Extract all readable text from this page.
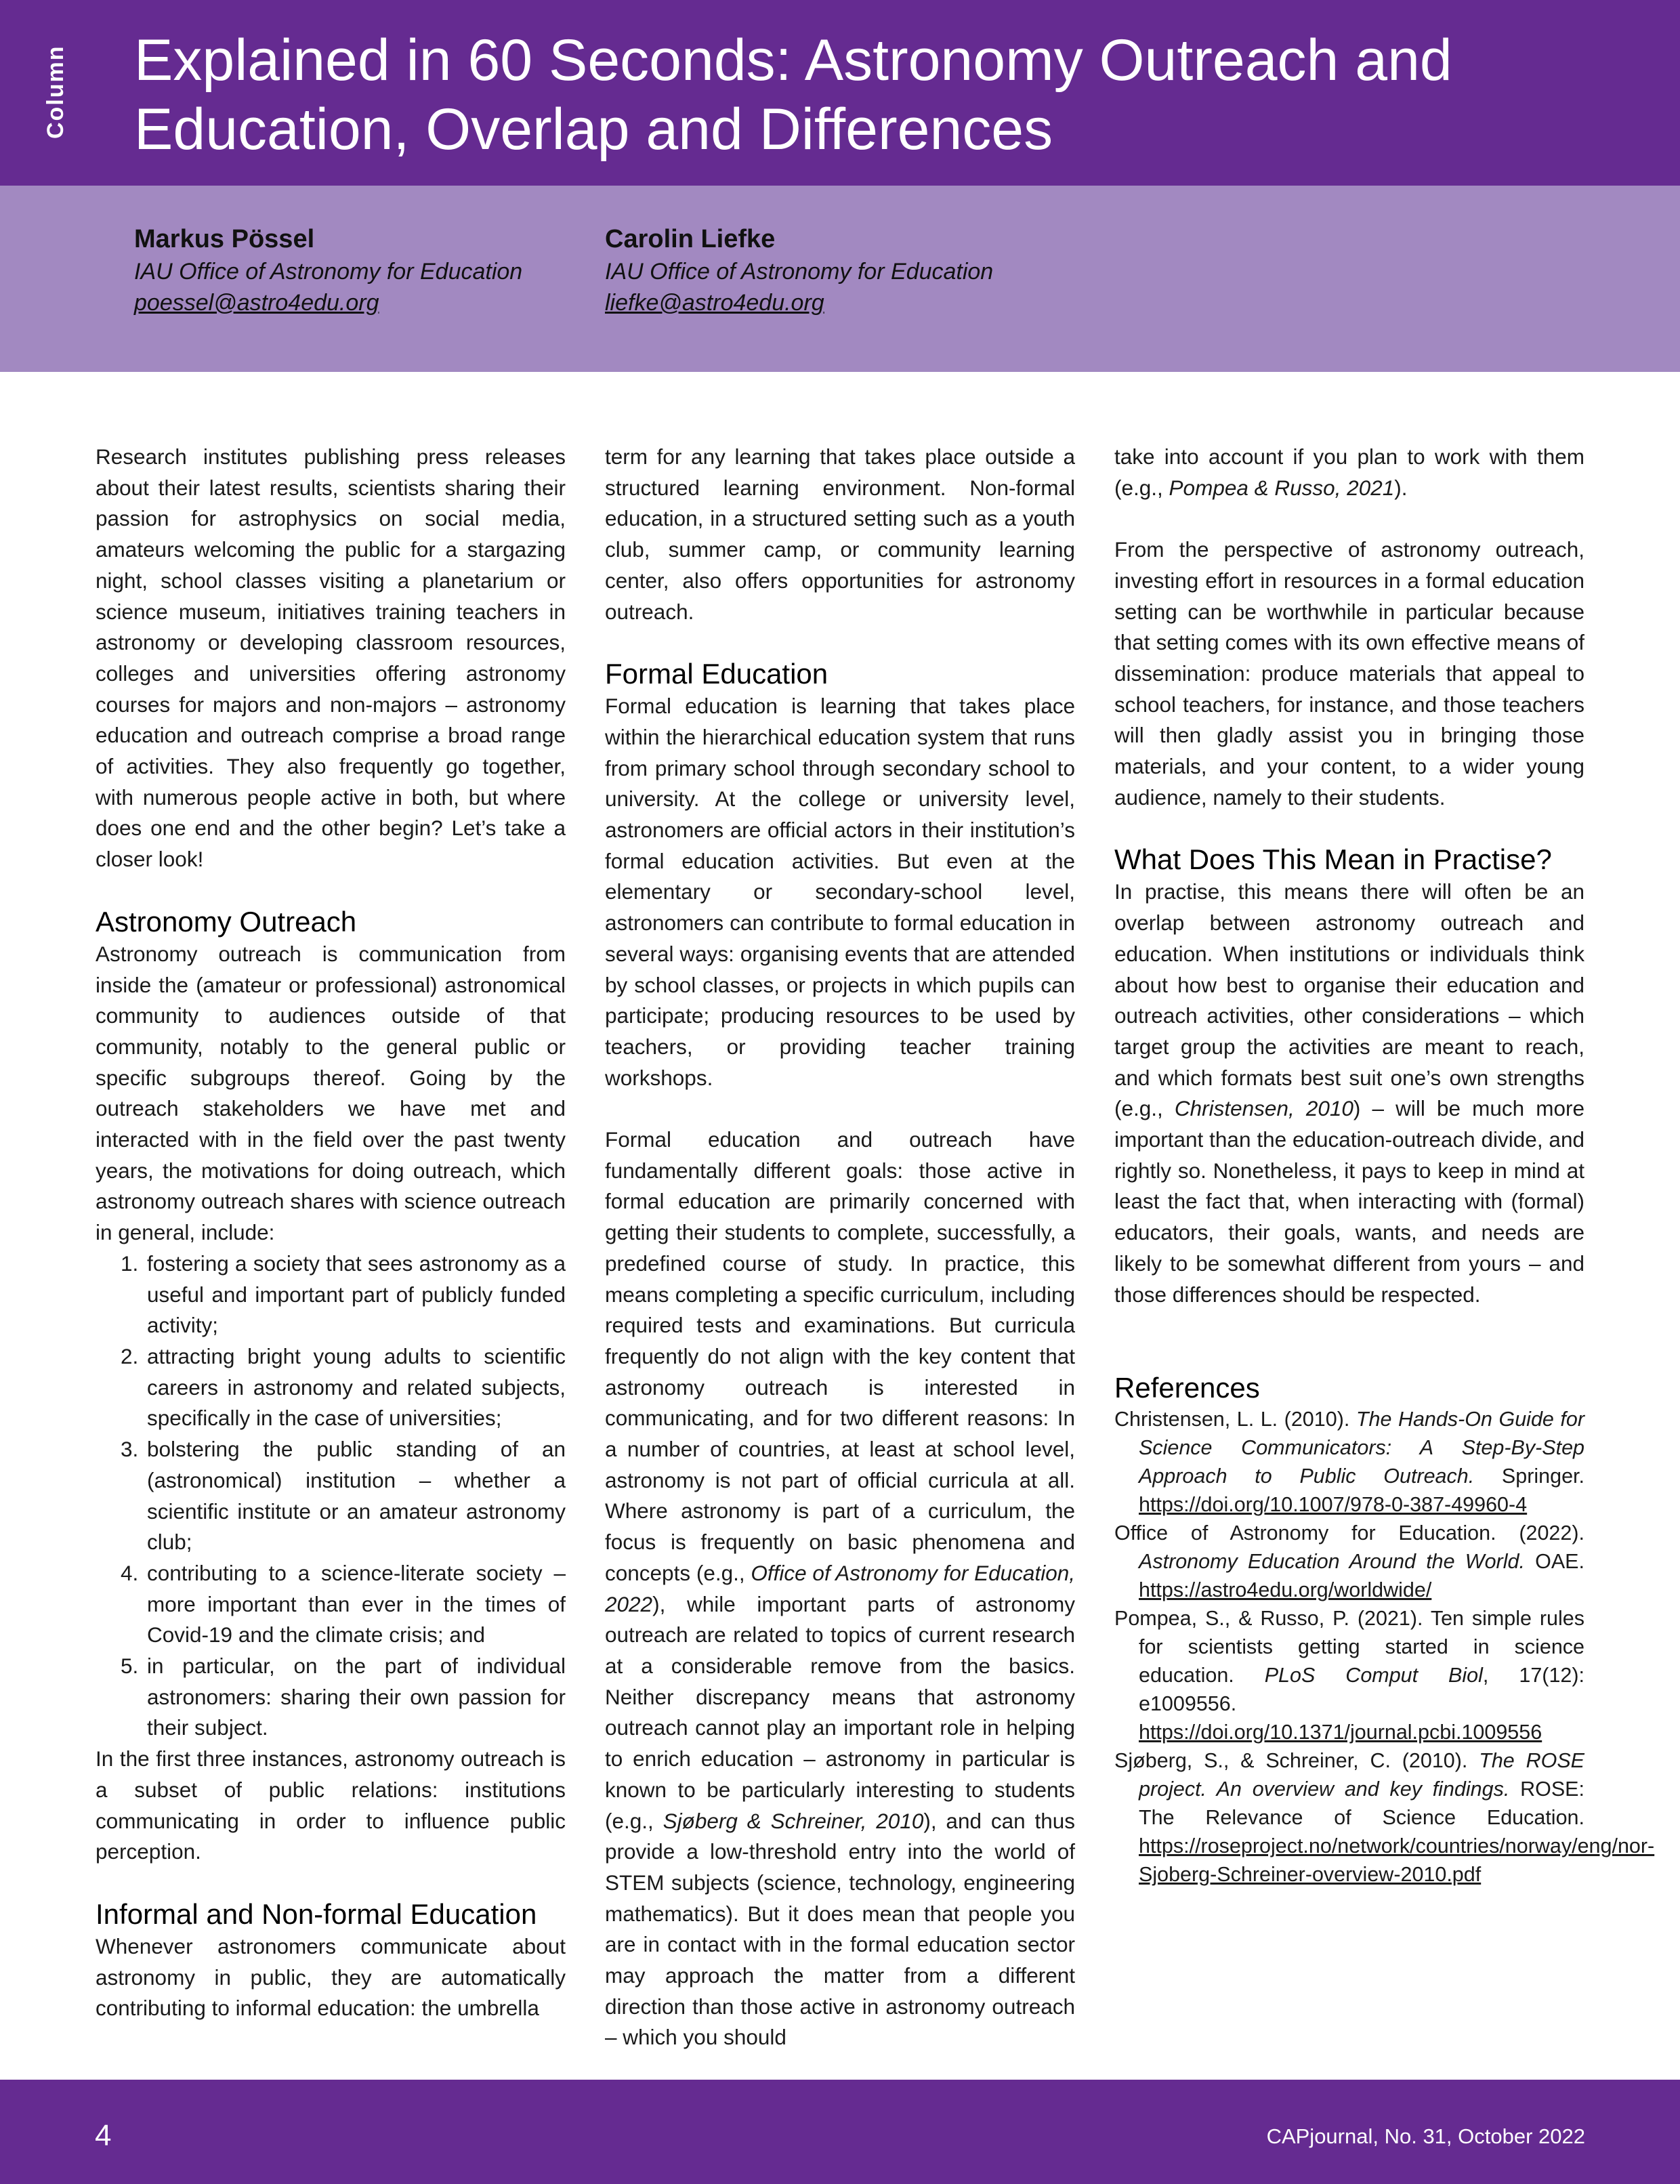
Column Explained in 60 Seconds: Astronomy Outreach and Education, Overlap and Differences
Markus Pössel
IAU Office of Astronomy for Education
poessel@astro4edu.org
Carolin Liefke
IAU Office of Astronomy for Education
liefke@astro4edu.org

Research institutes publishing press releases about their latest results, scientists sharing their passion for astrophysics on social media, amateurs welcoming the public for a stargazing night, school classes visiting a planetarium or science museum, initiatives training teachers in astronomy or developing classroom resources, colleges and universities offering astronomy courses for majors and non-majors – astronomy education and outreach comprise a broad range of activities. They also frequently go together, with numerous people active in both, but where does one end and the other begin? Let’s take a closer look!

Astronomy Outreach

Astronomy outreach is communication from inside the (amateur or professional) astronomical community to audiences outside of that community, notably to the general public or specific subgroups thereof. Going by the outreach stakeholders we have met and interacted with in the field over the past twenty years, the motivations for doing outreach, which astronomy outreach shares with science outreach in general, include:

1. fostering a society that sees astronomy as a useful and important part of publicly funded activity;
2. attracting bright young adults to scientific careers in astronomy and related subjects, specifically in the case of universities;
3. bolstering the public standing of an (astronomical) institution – whether a scientific institute or an amateur astronomy club;
4. contributing to a science-literate society – more important than ever in the times of Covid-19 and the climate crisis; and
5. in particular, on the part of individual astronomers: sharing their own passion for their subject.

In the first three instances, astronomy outreach is a subset of public relations: institutions communicating in order to influence public perception.

Informal and Non-formal Education

Whenever astronomers communicate about astronomy in public, they are automatically contributing to informal education: the umbrella

term for any learning that takes place outside a structured learning environment. Non-formal education, in a structured setting such as a youth club, summer camp, or community learning center, also offers opportunities for astronomy outreach.

Formal Education

Formal education is learning that takes place within the hierarchical education system that runs from primary school through secondary school to university. At the college or university level, astronomers are official actors in their institution’s formal education activities. But even at the elementary or secondary-school level, astronomers can contribute to formal education in several ways: organising events that are attended by school classes, or projects in which pupils can participate; producing resources to be used by teachers, or providing teacher training workshops.

Formal education and outreach have fundamentally different goals: those active in formal education are primarily concerned with getting their students to complete, successfully, a predefined course of study. In practice, this means completing a specific curriculum, including required tests and examinations. But curricula frequently do not align with the key content that astronomy outreach is interested in communicating, and for two different reasons: In a number of countries, at least at school level, astronomy is not part of official curricula at all. Where astronomy is part of a curriculum, the focus is frequently on basic phenomena and concepts (e.g., Office of Astronomy for Education, 2022), while important parts of astronomy outreach are related to topics of current research at a considerable remove from the basics. Neither discrepancy means that astronomy outreach cannot play an important role in helping to enrich education – astronomy in particular is known to be particularly interesting to students (e.g., Sjøberg & Schreiner, 2010), and can thus provide a low-threshold entry into the world of STEM subjects (science, technology, engineering mathematics). But it does mean that people you are in contact with in the formal education sector may approach the matter from a different direction than those active in astronomy outreach – which you should

take into account if you plan to work with them (e.g., Pompea & Russo, 2021).

From the perspective of astronomy outreach, investing effort in resources in a formal education setting can be worthwhile in particular because that setting comes with its own effective means of dissemination: produce materials that appeal to school teachers, for instance, and those teachers will then gladly assist you in bringing those materials, and your content, to a wider young audience, namely to their students.

What Does This Mean in Practise?

In practise, this means there will often be an overlap between astronomy outreach and education. When institutions or individuals think about how best to organise their education and outreach activities, other considerations – which target group the activities are meant to reach, and which formats best suit one’s own strengths (e.g., Christensen, 2010) – will be much more important than the education-outreach divide, and rightly so. Nonetheless, it pays to keep in mind at least the fact that, when interacting with (formal) educators, their goals, wants, and needs are likely to be somewhat different from yours – and those differences should be respected.

References

Christensen, L. L. (2010). The Hands-On Guide for Science Communicators: A Step-By-Step Approach to Public Outreach. Springer. https://doi.org/10.1007/978-0-387-49960-4

Office of Astronomy for Education. (2022). Astronomy Education Around the World. OAE. https://astro4edu.org/worldwide/

Pompea, S., & Russo, P. (2021). Ten simple rules for scientists getting started in science education. PLoS Comput Biol, 17(12): e1009556. https://doi.org/10.1371/journal.pcbi.1009556

Sjøberg, S., & Schreiner, C. (2010). The ROSE project. An overview and key findings. ROSE: The Relevance of Science Education. https://roseproject.no/network/countries/norway/eng/nor-Sjoberg-Schreiner-overview-2010.pdf

4	CAPjournal, No. 31, October 2022
